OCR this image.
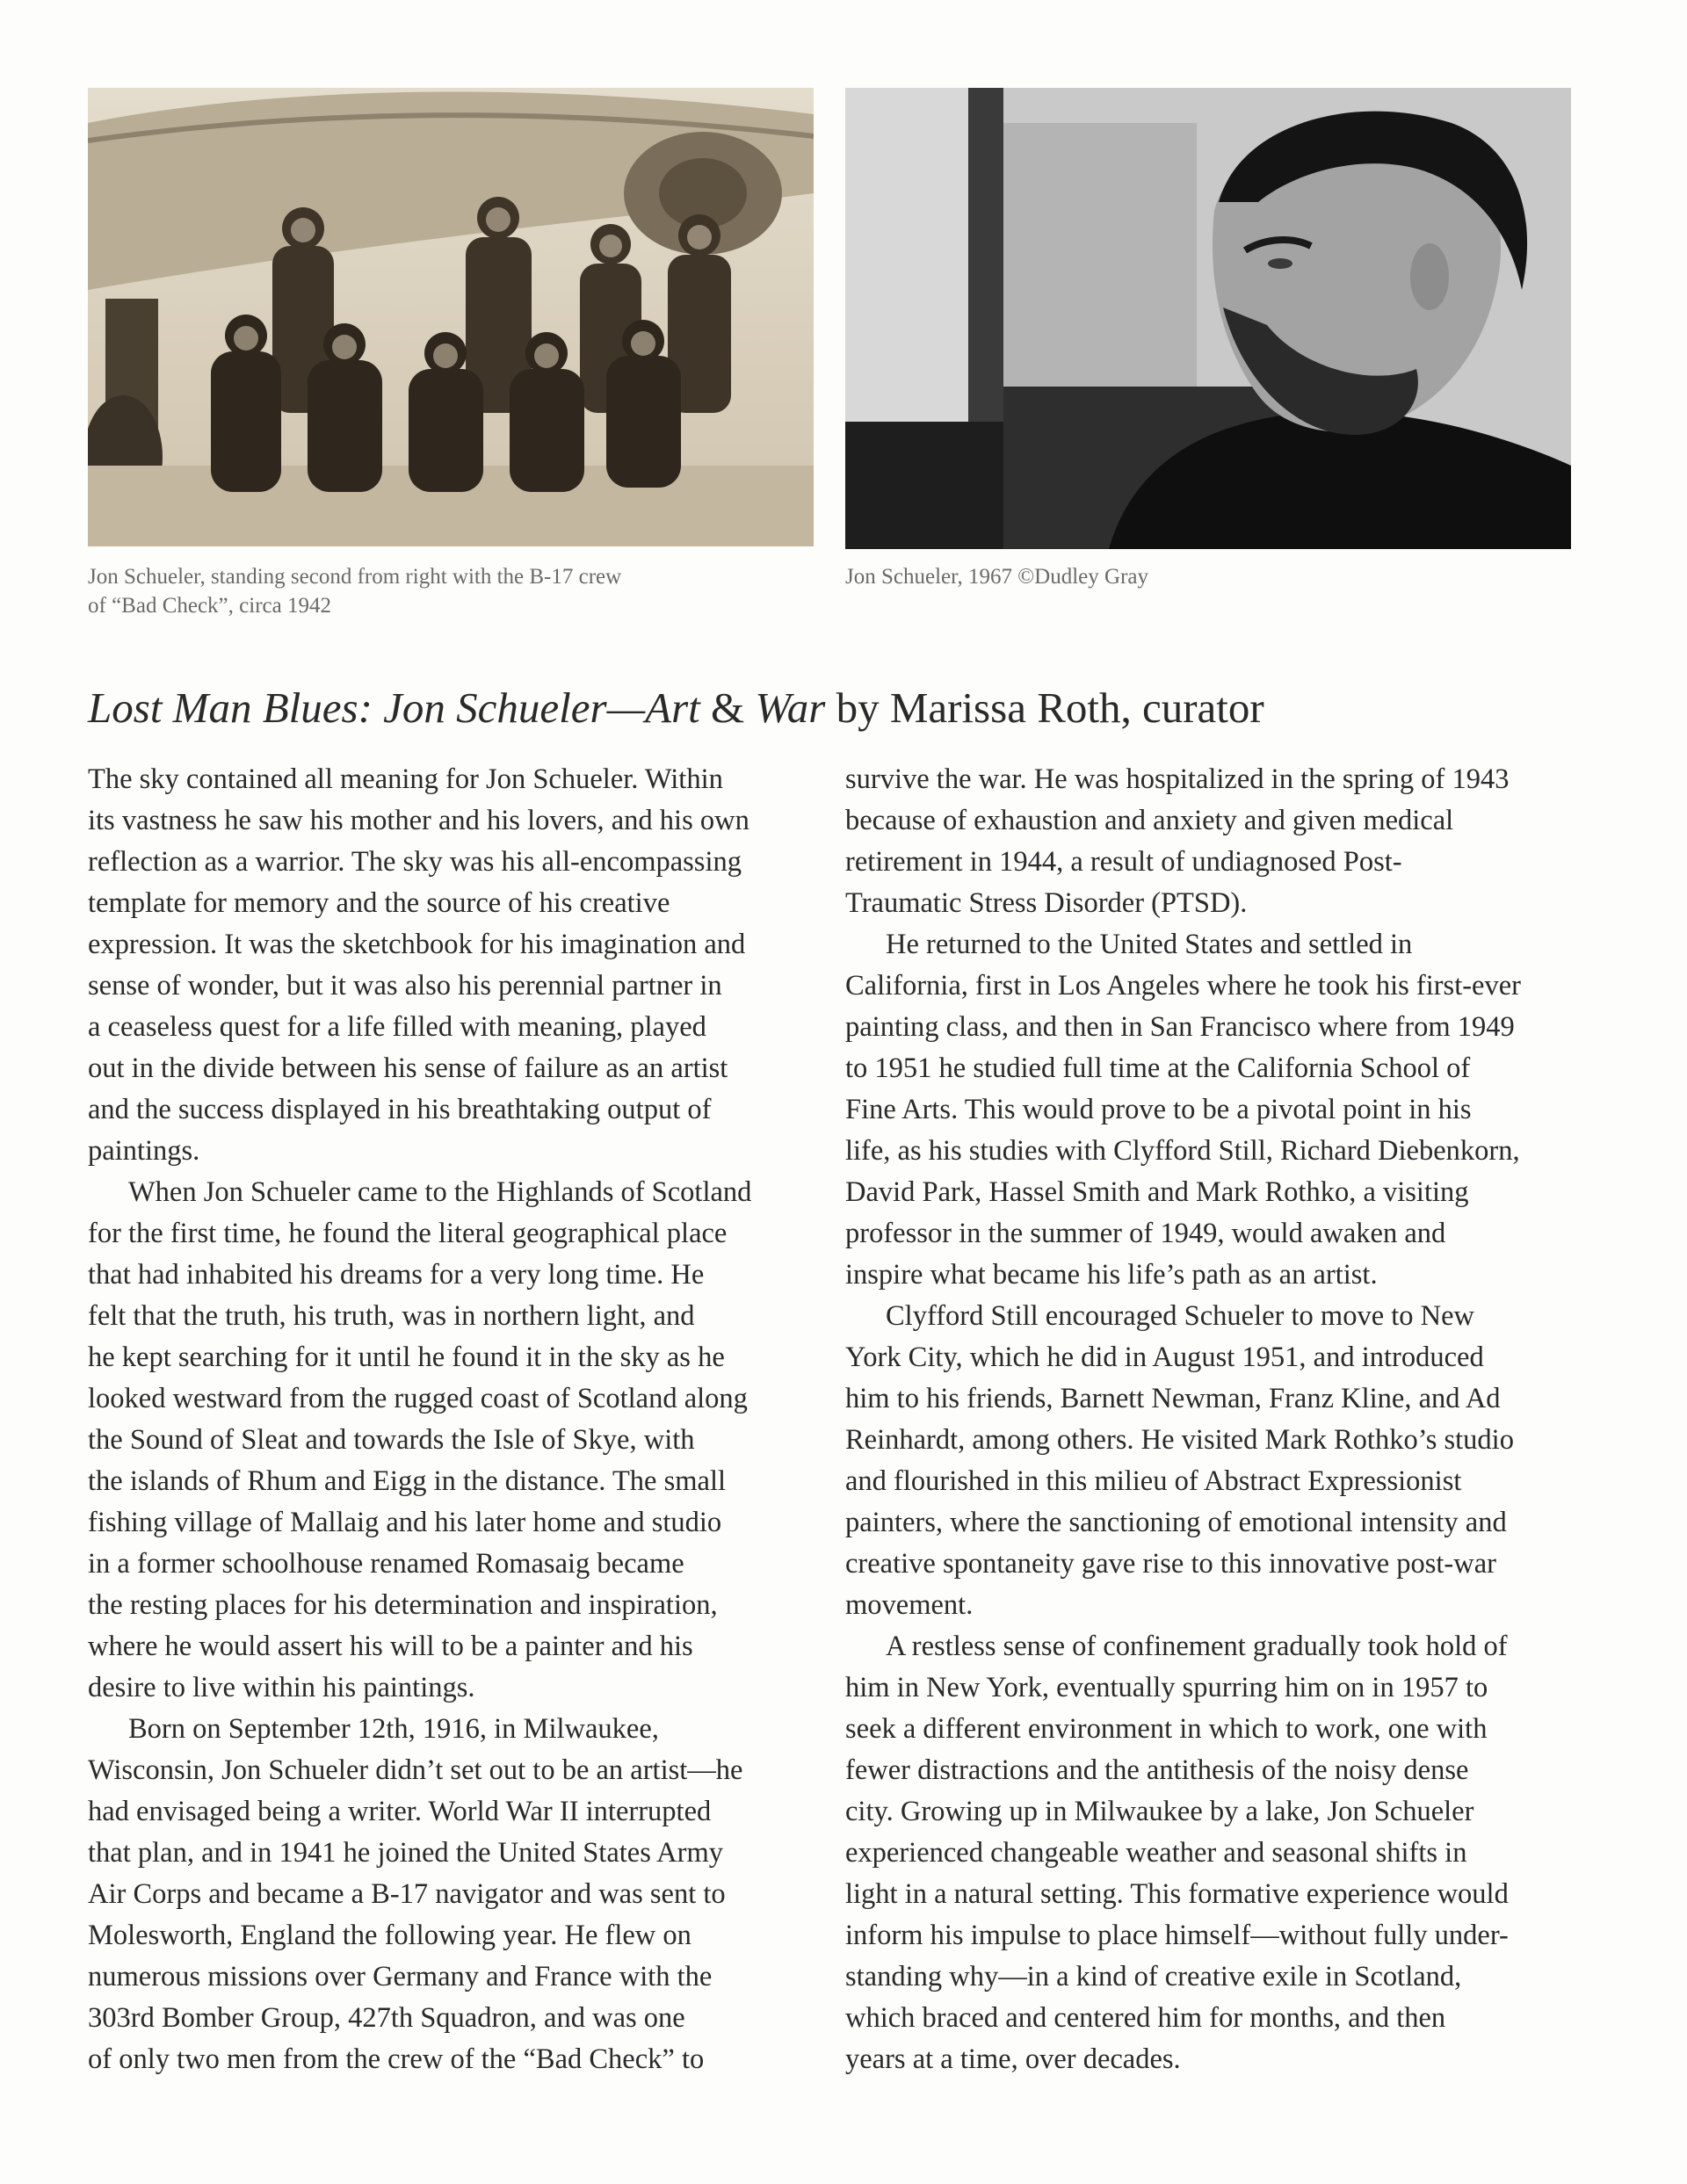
Jon Schueler, standing second from right with the B-17 crew
of “Bad Check”, circa 1942
Jon Schueler, 1967 ©Dudley Gray
Lost Man Blues: Jon Schueler—Art & War by Marissa Roth, curator
The sky contained all meaning for Jon Schueler. Within
its vastness he saw his mother and his lovers, and his own
reflection as a warrior. The sky was his all-encompassing
template for memory and the source of his creative
expression. It was the sketchbook for his imagination and
sense of wonder, but it was also his perennial partner in
a ceaseless quest for a life filled with meaning, played
out in the divide between his sense of failure as an artist
and the success displayed in his breathtaking output of
paintings.
When Jon Schueler came to the Highlands of Scotland
for the first time, he found the literal geographical place
that had inhabited his dreams for a very long time. He
felt that the truth, his truth, was in northern light, and
he kept searching for it until he found it in the sky as he
looked westward from the rugged coast of Scotland along
the Sound of Sleat and towards the Isle of Skye, with
the islands of Rhum and Eigg in the distance. The small
fishing village of Mallaig and his later home and studio
in a former schoolhouse renamed Romasaig became
the resting places for his determination and inspiration,
where he would assert his will to be a painter and his
desire to live within his paintings.
Born on September 12th, 1916, in Milwaukee,
Wisconsin, Jon Schueler didn’t set out to be an artist—he
had envisaged being a writer. World War II interrupted
that plan, and in 1941 he joined the United States Army
Air Corps and became a B-17 navigator and was sent to
Molesworth, England the following year. He flew on
numerous missions over Germany and France with the
303rd Bomber Group, 427th Squadron, and was one
of only two men from the crew of the “Bad Check” to
survive the war. He was hospitalized in the spring of 1943
because of exhaustion and anxiety and given medical
retirement in 1944, a result of undiagnosed Post-
Traumatic Stress Disorder (PTSD).
He returned to the United States and settled in
California, first in Los Angeles where he took his first-ever
painting class, and then in San Francisco where from 1949
to 1951 he studied full time at the California School of
Fine Arts. This would prove to be a pivotal point in his
life, as his studies with Clyfford Still, Richard Diebenkorn,
David Park, Hassel Smith and Mark Rothko, a visiting
professor in the summer of 1949, would awaken and
inspire what became his life’s path as an artist.
Clyfford Still encouraged Schueler to move to New
York City, which he did in August 1951, and introduced
him to his friends, Barnett Newman, Franz Kline, and Ad
Reinhardt, among others. He visited Mark Rothko’s studio
and flourished in this milieu of Abstract Expressionist
painters, where the sanctioning of emotional intensity and
creative spontaneity gave rise to this innovative post-war
movement.
A restless sense of confinement gradually took hold of
him in New York, eventually spurring him on in 1957 to
seek a different environment in which to work, one with
fewer distractions and the antithesis of the noisy dense
city. Growing up in Milwaukee by a lake, Jon Schueler
experienced changeable weather and seasonal shifts in
light in a natural setting. This formative experience would
inform his impulse to place himself—without fully under-
standing why—in a kind of creative exile in Scotland,
which braced and centered him for months, and then
years at a time, over decades.
